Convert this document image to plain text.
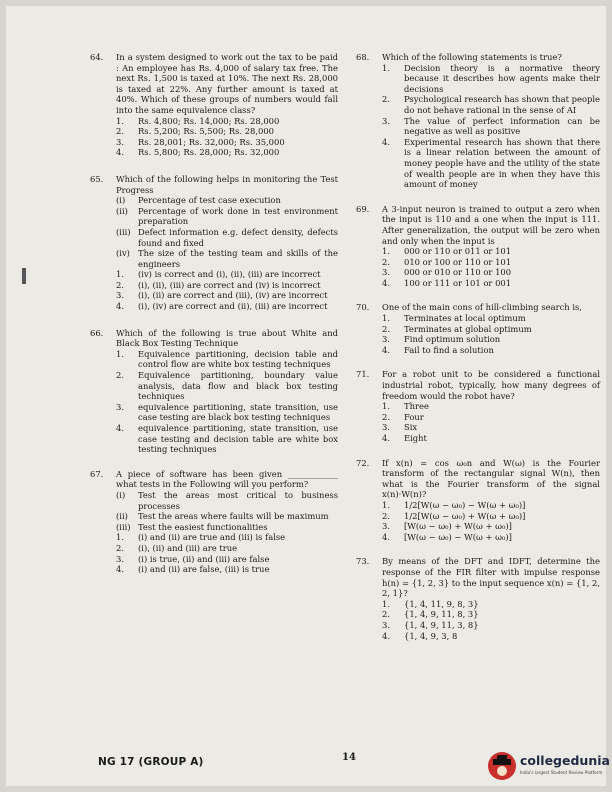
64. In a system designed to work out the tax to be paid : An employee has Rs. 4,000 of salary tax free. The next Rs. 1,500 is taxed at 10%. The next Rs. 28,000 is taxed at 22%. Any further amount is taxed at 40%. Which of these groups of numbers would fall into the same equivalence class?
1. Rs. 4,800; Rs. 14,000; Rs. 28,000
2. Rs. 5,200; Rs. 5,500; Rs. 28,000
3. Rs. 28,001; Rs. 32,000; Rs. 35,000
4. Rs. 5,800; Rs. 28,000; Rs. 32,000
65. Which of the following helps in monitoring the Test Progress
(i) Percentage of test case execution
(ii) Percentage of work done in test environment preparation
(iii) Defect information e.g. defect density, defects found and fixed
(iv) The size of the testing team and skills of the engineers
1. (iv) is correct and (i), (ii), (iii) are incorrect
2. (i), (ii), (iii) are correct and (iv) is incorrect
3. (i), (ii) are correct and (iii), (iv) are incorrect
4. (i), (iv) are correct and (ii), (iii) are incorrect
66. Which of the following is true about White and Black Box Testing Technique
1. Equivalence partitioning, decision table and control flow are white box testing techniques
2. Equivalence partitioning, boundary value analysis, data flow and black box testing techniques
3. equivalence partitioning, state transition, use case testing are black box testing techniques
4. equivalence partitioning, state transition, use case testing and decision table are white box testing techniques
67. A piece of software has been given ____________ what tests in the Following will you perform?
(i) Test the areas most critical to business processes
(ii) Test the areas where faults will be maximum
(iii) Test the easiest functionalities
1. (i) and (ii) are true and (iii) is false
2. (i), (ii) and (iii) are true
3. (i) is true, (ii) and (iii) are false
4. (i) and (ii) are false, (iii) is true
68. Which of the following statements is true?
1. Decision theory is a normative theory because it describes how agents make their decisions
2. Psychological research has shown that people do not behave rational in the sense of AI
3. The value of perfect information can be negative as well as positive
4. Experimental research has shown that there is a linear relation between the amount of money people have and the utility of the state of wealth people are in when they have this amount of money
69. A 3-input neuron is trained to output a zero when the input is 110 and a one when the input is 111. After generalization, the output will be zero when and only when the input is
1. 000 or 110 or 011 or 101
2. 010 or 100 or 110 or 101
3. 000 or 010 or 110 or 100
4. 100 or 111 or 101 or 001
70. One of the main cons of hill-climbing search is,
1. Terminates at local optimum
2. Terminates at global optimum
3. Find optimum solution
4. Fail to find a solution
71. For a robot unit to be considered a functional industrial robot, typically, how many degrees of freedom would the robot have?
1. Three
2. Four
3. Six
4. Eight
72. If x(n) = cos ω₀n and W(ω) is the Fourier transform of the rectangular signal W(n), then what is the Fourier transform of the signal x(n)·W(n)?
1. 1/2[W(ω − ω₀) − W(ω + ω₀)]
2. 1/2[W(ω − ω₀) + W(ω + ω₀)]
3. [W(ω − ω₀) + W(ω + ω₀)]
4. [W(ω − ω₀) − W(ω + ω₀)]
73. By means of the DFT and IDFT, determine the response of the FIR filter with impulse response h(n) = {1, 2, 3} to the input sequence x(n) = {1, 2, 2, 1}?
1. {1, 4, 11, 9, 8, 3}
2. {1, 4, 9, 11, 8, 3}
3. {1, 4, 9, 11, 3, 8}
4. {1, 4, 9, 3, 8
NG 17 (GROUP A)	14	collegedunia
India's largest Student Review Platform
